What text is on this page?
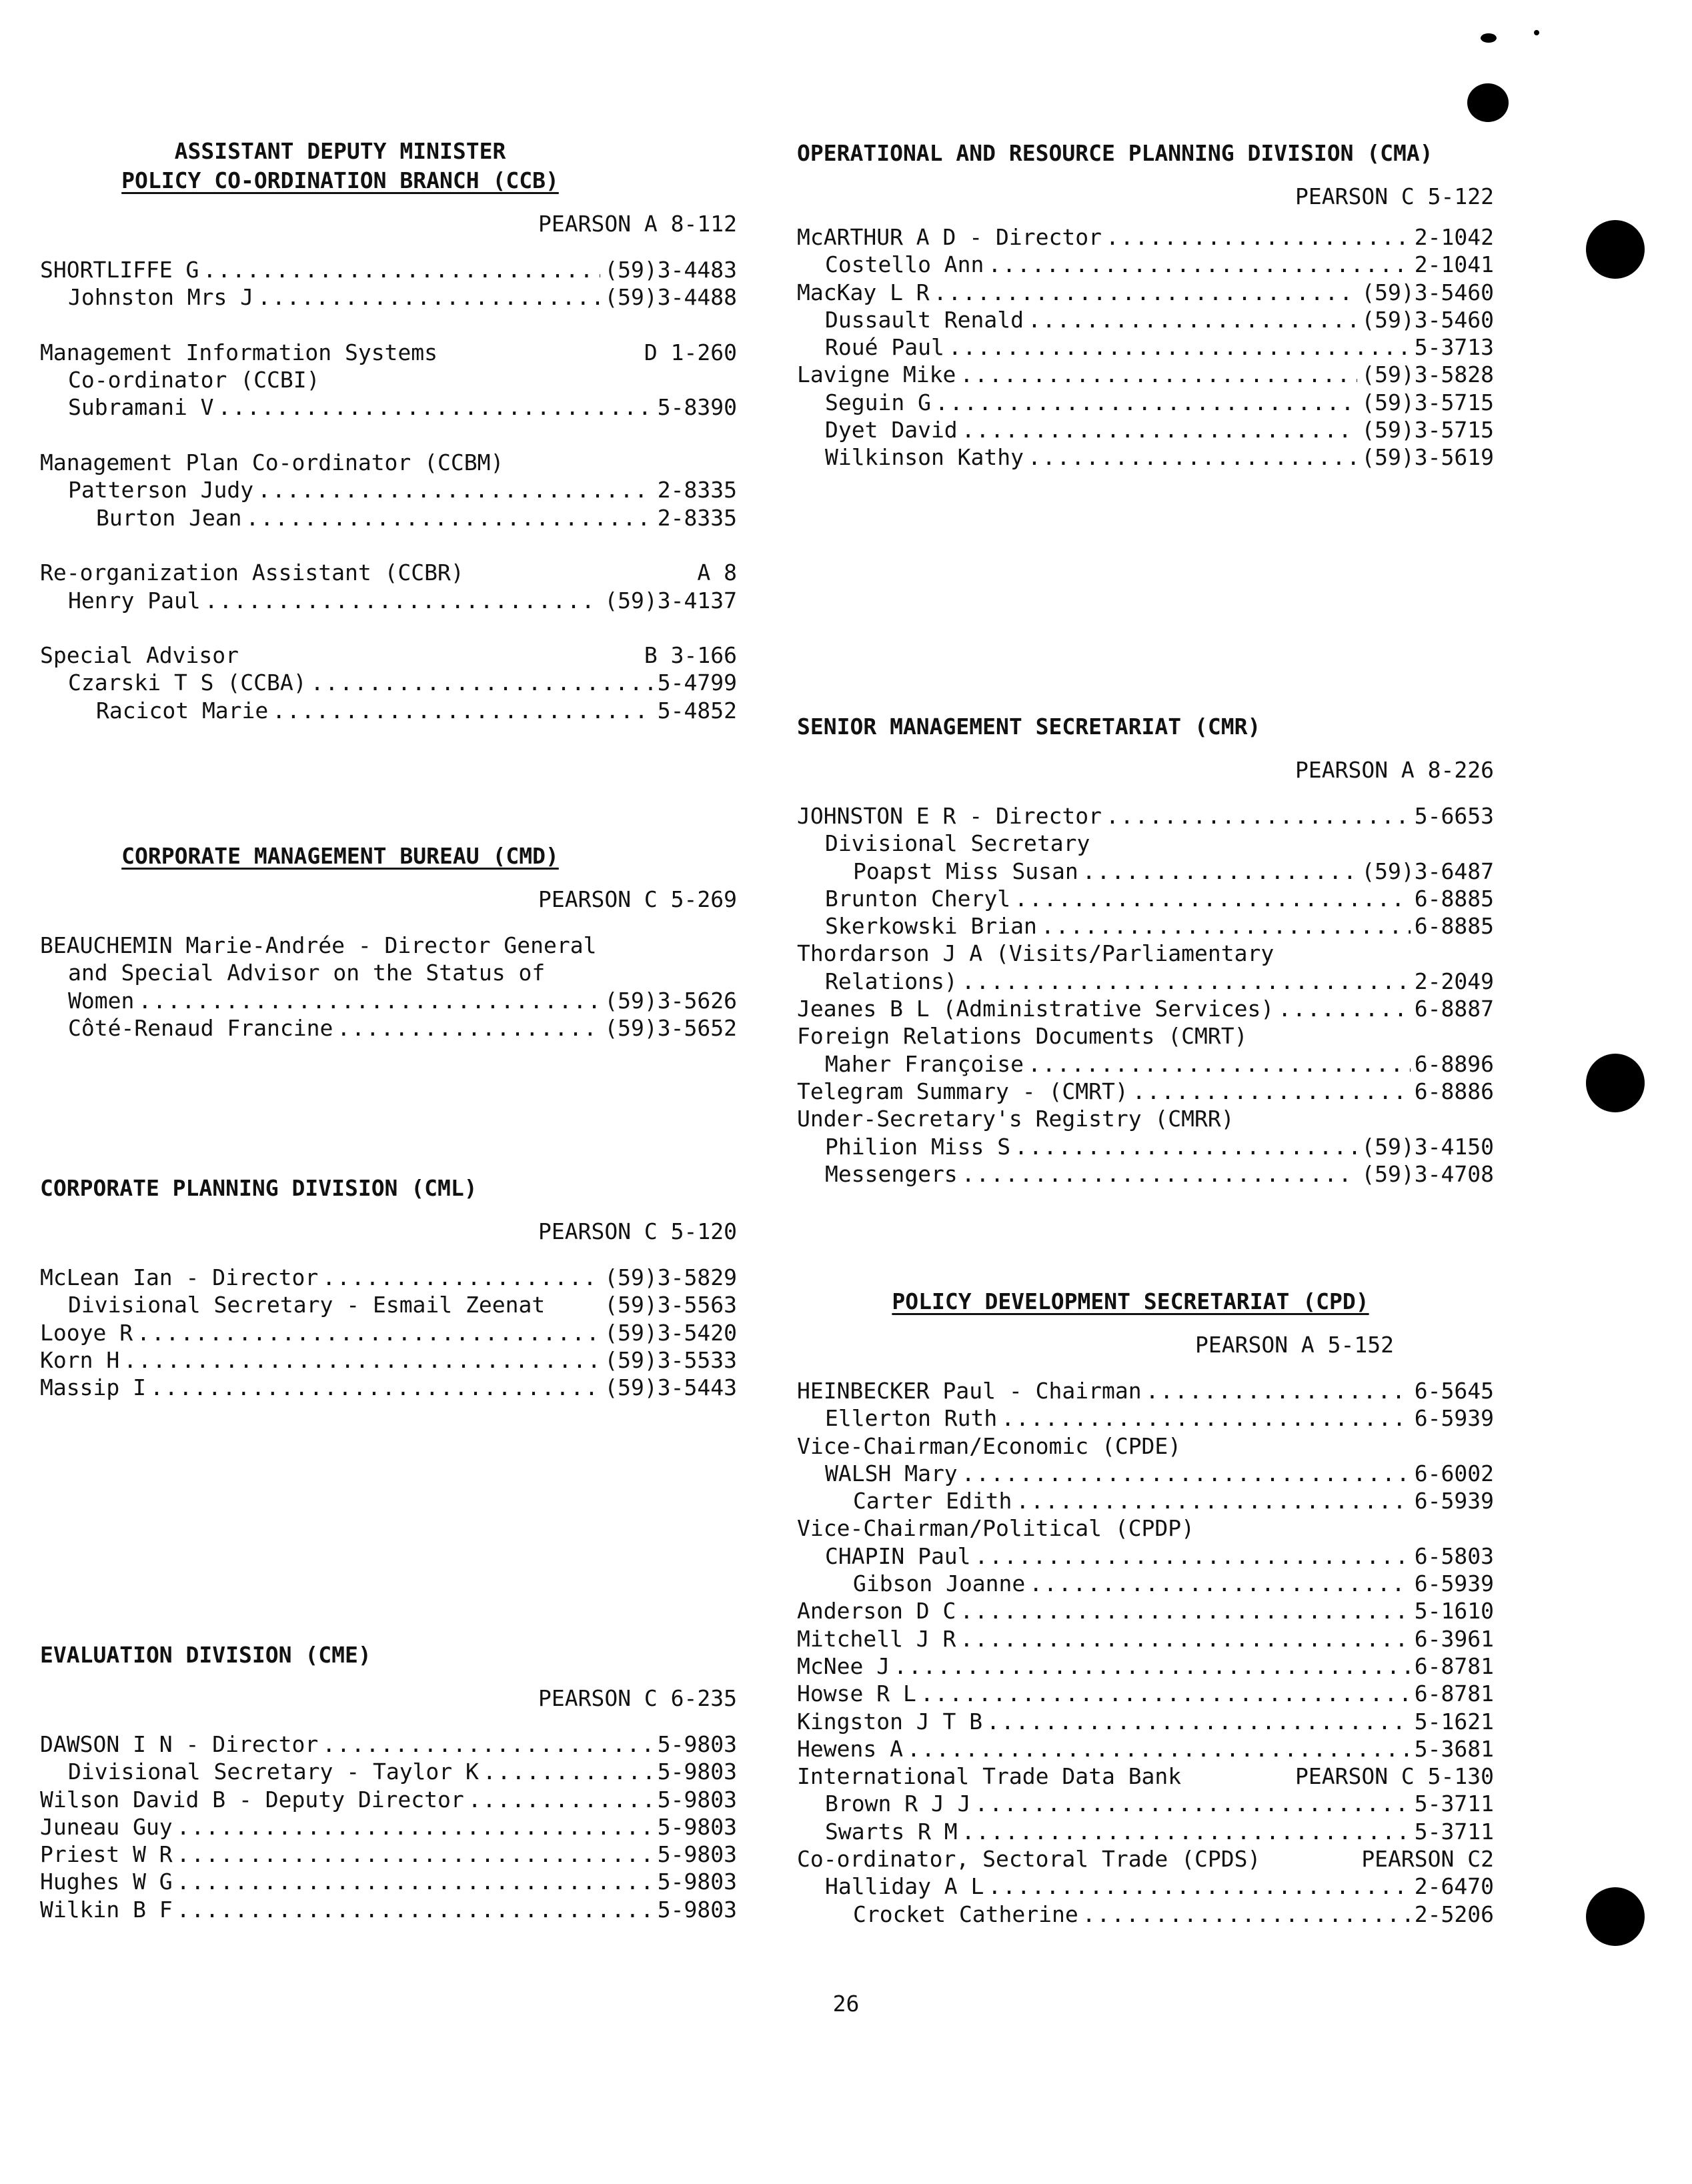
ASSISTANT DEPUTY MINISTER
POLICY CO-ORDINATION BRANCH (CCB)
PEARSON A 8-112
SHORTLIFFE G . . .	(59)3-4483
Johnston Mrs J . . .	(59)3-4488
Management Information Systems	D 1-260
Co-ordinator (CCBI)
Subramani V . . .	5-8390
Management Plan Co-ordinator (CCBM)
Patterson Judy . . .	2-8335
Burton Jean . . .	2-8335
Re-organization Assistant (CCBR)	A 8
Henry Paul . . .	(59)3-4137
Special Advisor	B 3-166
Czarski T S (CCBA) . . .	5-4799
Racicot Marie . . .	5-4852
CORPORATE MANAGEMENT BUREAU (CMD)
PEARSON C 5-269
BEAUCHEMIN Marie-Andrée - Director General
and Special Advisor on the Status of
Women . . .	(59)3-5626
Côté-Renaud Francine . . .	(59)3-5652
CORPORATE PLANNING DIVISION (CML)
PEARSON C 5-120
McLean Ian - Director . . .	(59)3-5829
Divisional Secretary - Esmail Zeenat	(59)3-5563
Looye R . . .	(59)3-5420
Korn H . . .	(59)3-5533
Massip I . . .	(59)3-5443
EVALUATION DIVISION (CME)
PEARSON C 6-235
DAWSON I N - Director . . .	5-9803
Divisional Secretary - Taylor K . . .	5-9803
Wilson David B - Deputy Director . . .	5-9803
Juneau Guy . . .	5-9803
Priest W R . . .	5-9803
Hughes W G . . .	5-9803
Wilkin B F . . .	5-9803
OPERATIONAL AND RESOURCE PLANNING DIVISION (CMA)
PEARSON C 5-122
McARTHUR A D - Director . . .	2-1042
Costello Ann . . .	2-1041
MacKay L R . . .	(59)3-5460
Dussault Renald . . .	(59)3-5460
Roué Paul . . .	5-3713
Lavigne Mike . . .	(59)3-5828
Seguin G . . .	(59)3-5715
Dyet David . . .	(59)3-5715
Wilkinson Kathy . . .	(59)3-5619
SENIOR MANAGEMENT SECRETARIAT (CMR)
PEARSON A 8-226
JOHNSTON E R - Director . . .	5-6653
Divisional Secretary
Poapst Miss Susan . . .	(59)3-6487
Brunton Cheryl . . .	6-8885
Skerkowski Brian . . .	6-8885
Thordarson J A (Visits/Parliamentary
Relations) . . .	2-2049
Jeanes B L (Administrative Services) . . .	6-8887
Foreign Relations Documents (CMRT)
Maher Françoise . . .	6-8896
Telegram Summary - (CMRT) . . .	6-8886
Under-Secretary's Registry (CMRR)
Philion Miss S . . .	(59)3-4150
Messengers . . .	(59)3-4708
POLICY DEVELOPMENT SECRETARIAT (CPD)
PEARSON A 5-152
HEINBECKER Paul - Chairman . . .	6-5645
Ellerton Ruth . . .	6-5939
Vice-Chairman/Economic (CPDE)
WALSH Mary . . .	6-6002
Carter Edith . . .	6-5939
Vice-Chairman/Political (CPDP)
CHAPIN Paul . . .	6-5803
Gibson Joanne . . .	6-5939
Anderson D C . . .	5-1610
Mitchell J R . . .	6-3961
McNee J . . .	6-8781
Howse R L . . .	6-8781
Kingston J T B . . .	5-1621
Hewens A . . .	5-3681
International Trade Data Bank	PEARSON C 5-130
Brown R J J . . .	5-3711
Swarts R M . . .	5-3711
Co-ordinator, Sectoral Trade (CPDS)	PEARSON C2
Halliday A L . . .	2-6470
Crocket Catherine . . .	2-5206
26
